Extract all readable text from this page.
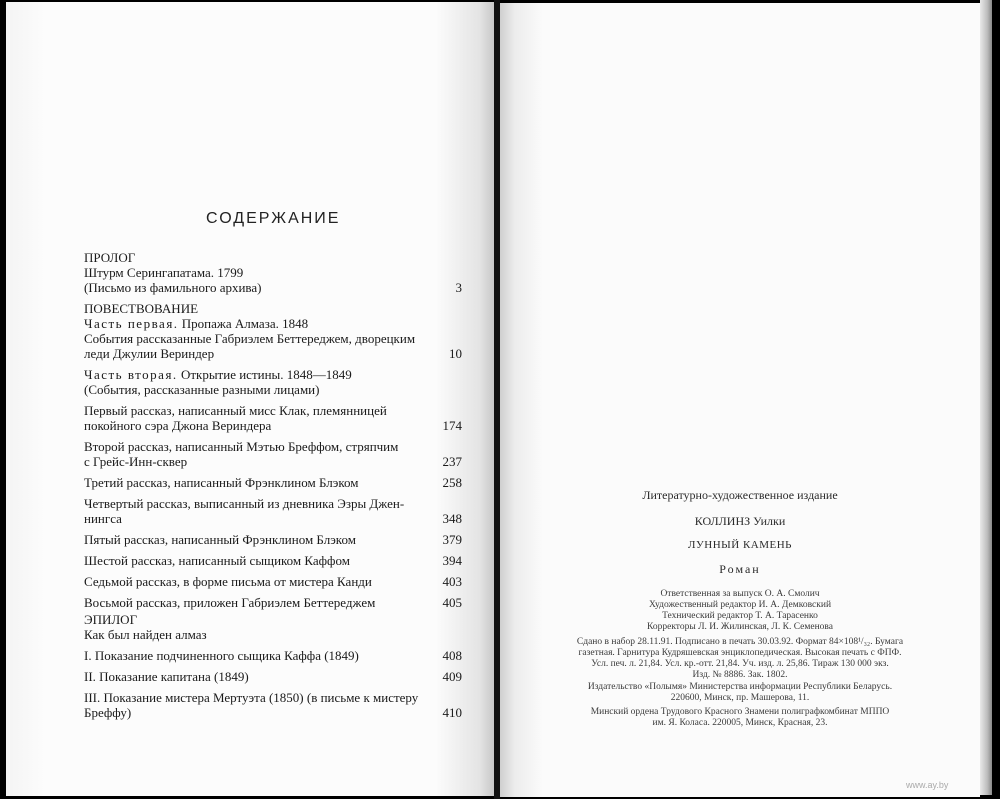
СОДЕРЖАНИЕ
ПРОЛОГ
Штурм Серингапатама. 1799
(Письмо из фамильного архива)	3
ПОВЕСТВОВАНИЕ
Часть первая. Пропажа Алмаза. 1848
События рассказанные Габриэлем Беттереджем, дворецким
леди Джулии Вериндер	10
Часть вторая. Открытие истины. 1848—1849
(События, рассказанные разными лицами)
Первый рассказ, написанный мисс Клак, племянницей
покойного сэра Джона Вериндера	174
Второй рассказ, написанный Мэтью Бреффом, стряпчим
с Грейс-Инн-сквер	237
Третий рассказ, написанный Фрэнклином Блэком	258
Четвертый рассказ, выписанный из дневника Эзры Джен-
нингса	348
Пятый рассказ, написанный Фрэнклином Блэком	379
Шестой рассказ, написанный сыщиком Каффом	394
Седьмой рассказ, в форме письма от мистера Канди	403
Восьмой рассказ, приложен Габриэлем Беттереджем	405
ЭПИЛОГ
Как был найден алмаз
I. Показание подчиненного сыщика Каффа (1849)	408
II. Показание капитана (1849)	409
III. Показание мистера Мертуэта (1850) (в письме к мистеру
Бреффу)	410
Литературно-художественное издание
КОЛЛИНЗ Уилки
ЛУННЫЙ КАМЕНЬ
Роман
Ответственная за выпуск О. А. Смолич
Художественный редактор И. А. Демковский
Технический редактор Т. А. Тарасенко
Корректоры Л. И. Жилинская, Л. К. Семенова
Сдано в набор 28.11.91. Подписано в печать 30.03.92. Формат 84×108¹/₃₂. Бумага
газетная. Гарнитура Кудряшевская энциклопедическая. Высокая печать с ФПФ.
Усл. печ. л. 21,84. Усл. кр.-отт. 21,84. Уч. изд. л. 25,86. Тираж 130 000 экз.
Изд. № 8886. Зак. 1802.
Издательство «Полымя» Министерства информации Республики Беларусь.
220600, Минск, пр. Машерова, 11.
Минский ордена Трудового Красного Знамени полиграфкомбинат МППО
им. Я. Коласа. 220005, Минск, Красная, 23.
www.ay.by
